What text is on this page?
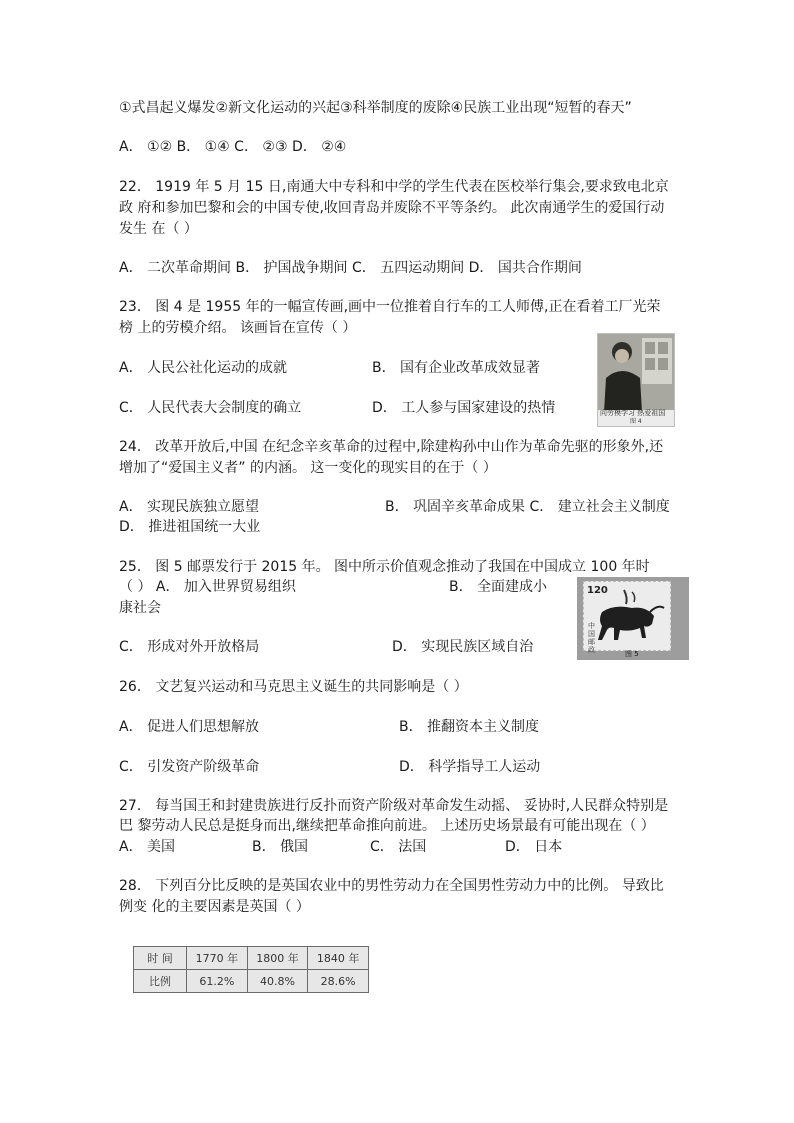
①式昌起义爆发②新文化运动的兴起③科举制度的废除④民族工业出现“短暂的春天”
A． ①② B． ①④ C． ②③ D． ②④
22． 1919 年 5 月 15 日,南通大中专科和中学的学生代表在医校举行集会,要求致电北京
政 府和参加巴黎和会的中国专使,收回青岛并废除不平等条约。 此次南通学生的爱国行动
发生 在（ ）
A． 二次革命期间 B． 护国战争期间 C． 五四运动期间 D． 国共合作期间
23． 图 4 是 1955 年的一幅宣传画,画中一位推着自行车的工人师傅,正在看着工厂光荣
榜 上的劳模介绍。 该画旨在宣传（ ）
A． 人民公社化运动的成就	B． 国有企业改革成效显著
C． 人民代表大会制度的确立	D． 工人参与国家建设的热情	向劳模学习 热爱祖国
图 4
24． 改革开放后,中国 在纪念辛亥革命的过程中,除建构孙中山作为革命先驱的形象外,还
增加了“爱国主义者” 的内涵。 这一变化的现实目的在于（ ）
A． 实现民族独立愿望	B． 巩固辛亥革命成果 C． 建立社会主义制度
D． 推进祖国统一大业
25． 图 5 邮票发行于 2015 年。 图中所示价值观念推动了我国在中国成立 100 年时
（ ） A． 加入世界贸易组织	B． 全面建成小
康社会
C． 形成对外开放格局	D． 实现民族区域自治
120
中国邮政	图 5
26． 文艺复兴运动和马克思主义诞生的共同影响是（ ）
A． 促进人们思想解放	B． 推翻资本主义制度
C． 引发资产阶级革命	D． 科学指导工人运动
27． 每当国王和封建贵族进行反扑而资产阶级对革命发生动摇、 妥协时,人民群众特别是
巴 黎劳动人民总是挺身而出,继续把革命推向前进。 上述历史场景最有可能出现在（ ）
A． 美国	B． 俄国	C． 法国	D． 日本
28． 下列百分比反映的是英国农业中的男性劳动力在全国男性劳动力中的比例。 导致比
例变 化的主要因素是英国（ ）
时 间	1770 年	1800 年	1840 年
比例	61.2%	40.8%	28.6%
